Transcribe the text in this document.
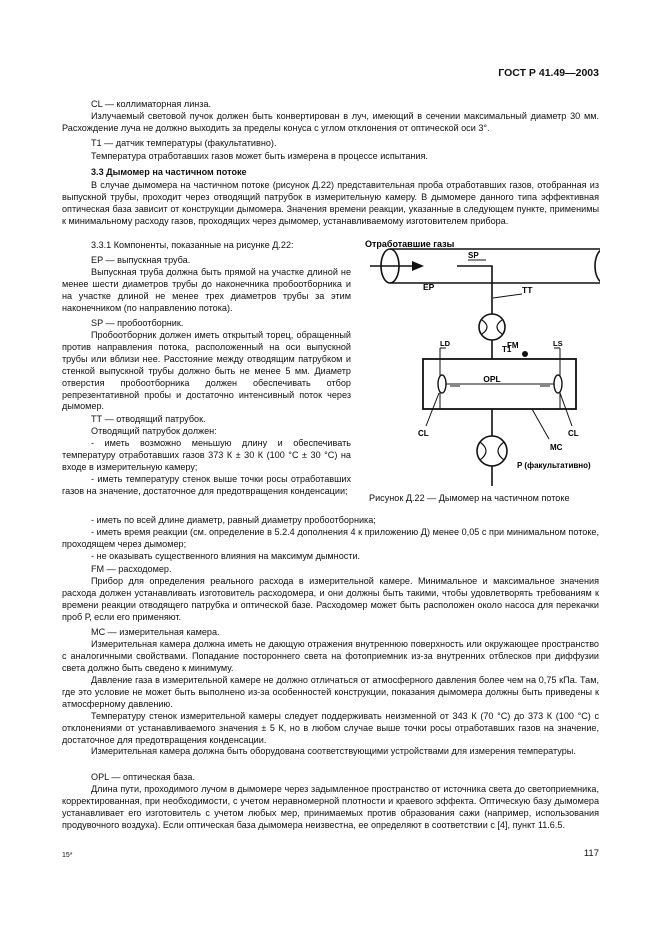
ГОСТ Р 41.49—2003

CL — коллиматорная линза.

Излучаемый световой пучок должен быть конвертирован в луч, имеющий в сечении максимальный диаметр 30 мм. Расхождение луча не должно выходить за пределы конуса с углом отклонения от оптической оси 3°.

T1 — датчик температуры (факультативно).

Температура отработавших газов может быть измерена в процессе испытания.

3.3 Дымомер на частичном потоке

В случае дымомера на частичном потоке (рисунок Д.22) представительная проба отработавших газов, отобранная из выпускной трубы, проходит через отводящий патрубок в измерительную камеру. В дымомере данного типа эффективная оптическая база зависит от конструкции дымомера. Значения времени реакции, указанные в следующем пункте, применимы к минимальному расходу газов, проходящих через дымомер, устанавливаемому изготовителем прибора.

3.3.1 Компоненты, показанные на рисунке Д.22:

EP — выпускная труба.

Выпускная труба должна быть прямой на участке длиной не менее шести диаметров трубы до наконечника пробоотборника и на участке длиной не менее трех диаметров трубы за этим наконечником (по направлению потока).

SP — пробоотборник.

Пробоотборник должен иметь открытый торец, обращенный против направления потока, расположенный на оси выпускной трубы или вблизи нее. Расстояние между отводящим патрубком и стенкой выпускной трубы должно быть не менее 5 мм. Диаметр отверстия пробоотборника должен обеспечивать отбор репрезентативной пробы и достаточно интенсивный поток через дымомер.

ТТ — отводящий патрубок.

Отводящий патрубок должен:

- иметь возможно меньшую длину и обеспечивать температуру отработавших газов 373 К ± 30 К (100 °С ± 30 °С) на входе в измерительную камеру;

- иметь температуру стенок выше точки росы отработавших газов на значение, достаточное для предотвращения конденсации;

- иметь по всей длине диаметр, равный диаметру пробоотборника;

- иметь время реакции (см. определение в 5.2.4 дополнения 4 к приложению Д) менее 0,05 с при минимальном потоке, проходящем через дымомер;

- не оказывать существенного влияния на максимум дымности.

FM — расходомер.

Прибор для определения реального расхода в измерительной камере. Минимальное и максимальное значения расхода должен устанавливать изготовитель расходомера, и они должны быть такими, чтобы удовлетворять требованиям к времени реакции отводящего патрубка и оптической базе. Расходомер может быть расположен около насоса для перекачки проб Р, если его применяют.

МС — измерительная камера.

Измерительная камера должна иметь не дающую отражения внутреннюю поверхность или окружающее пространство с аналогичными свойствами. Попадание постороннего света на фотоприемник из-за внутренних отблесков при диффузии света должно быть сведено к минимуму.

Давление газа в измерительной камере не должно отличаться от атмосферного давления более чем на 0,75 кПа. Там, где это условие не может быть выполнено из-за особенностей конструкции, показания дымомера должны быть приведены к атмосферному давлению.

Температуру стенок измерительной камеры следует поддерживать неизменной от 343 К (70 °С) до 373 К (100 °С) с отклонениями от устанавливаемого значения ± 5 К, но в любом случае выше точки росы отработавших газов на значение, достаточное для предотвращения конденсации.

Измерительная камера должна быть оборудована соответствующими устройствами для измерения температуры.

OPL — оптическая база.

Длина пути, проходимого лучом в дымомере через задымленное пространство от источника света до светоприемника, корректированная, при необходимости, с учетом неравномерной плотности и краевого эффекта. Оптическую базу дымомера устанавливает его изготовитель с учетом любых мер, принимаемых против образования сажи (например, использования продувочного воздуха). Если оптическая база дымомера неизвестна, ее определяют в соответствии с [4], пункт 11.6.5.

Отработавшие газы
EP
SP
TT
FM
T1
OPL
LD	LS
CL	CL
MC
P (факультативно)
Рисунок Д.22 — Дымомер на частичном потоке
15*	117
